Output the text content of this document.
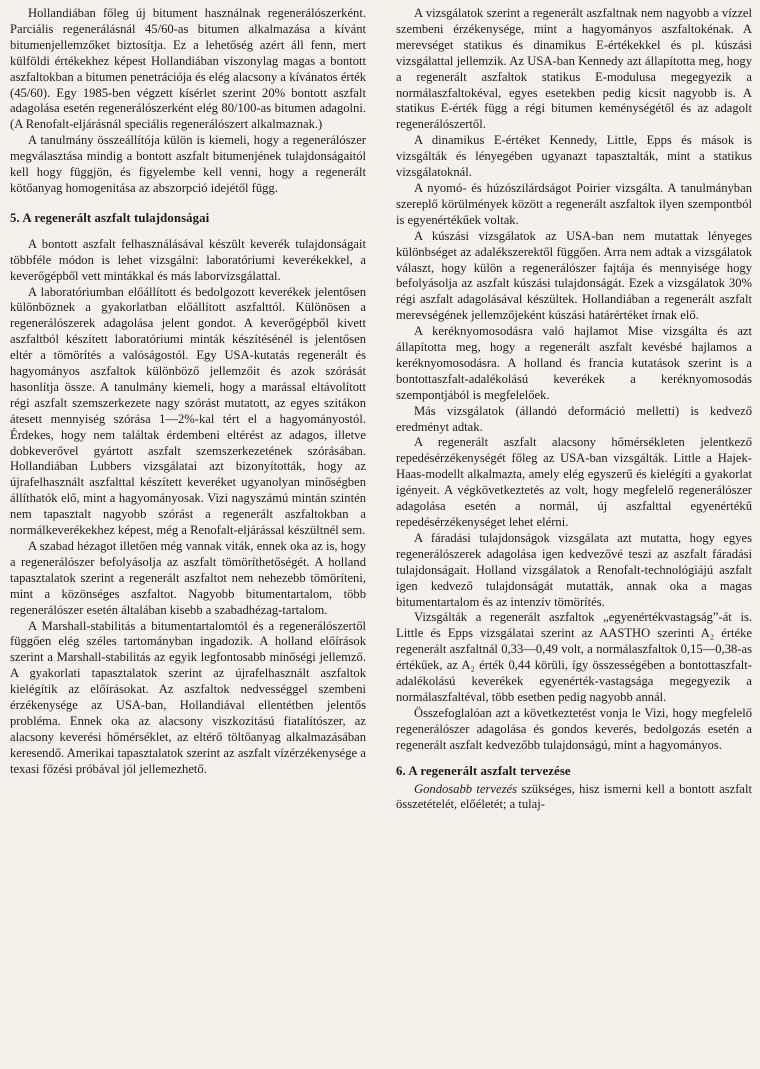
Hollandiában főleg új bitument használnak regenerálószerként. Parciális regenerálásnál 45/60-as bitumen alkalmazása a kívánt bitumenjellemzőket biztosítja. Ez a lehetőség azért áll fenn, mert külföldi értékekhez képest Hollandiában viszonylag magas a bontott aszfaltokban a bitumen penetrációja és elég alacsony a kívánatos érték (45/60). Egy 1985-ben végzett kísérlet szerint 20% bontott aszfalt adagolása esetén regenerálószerként elég 80/100-as bitumen adagolni. (A Renofalt-eljárásnál speciális regenerálószert alkalmaznak.)

A tanulmány összeállítója külön is kiemeli, hogy a regenerálószer megválasztása mindig a bontott aszfalt bitumenjének tulajdonságaitól kell hogy függjön, és figyelembe kell venni, hogy a regenerált kötőanyag homogenitása az abszorpció idejétől függ.

5. A regenerált aszfalt tulajdonságai

A bontott aszfalt felhasználásával készült keverék tulajdonságait többféle módon is lehet vizsgálni: laboratóriumi keverékekkel, a keverőgépből vett mintákkal és más laborvizsgálattal.

A laboratóriumban előállított és bedolgozott keverékek jelentősen különböznek a gyakorlatban előállított aszfalttól. Különösen a regenerálószerek adagolása jelent gondot. A keverőgépből kivett aszfaltból készített laboratóriumi minták készítésénél is jelentősen eltér a tömörítés a valóságostól. Egy USA-kutatás regenerált és hagyományos aszfaltok különböző jellemzőit és azok szórását hasonlítja össze. A tanulmány kiemeli, hogy a marással eltávolított régi aszfalt szemszerkezete nagy szórást mutatott, az egyes szitákon átesett mennyiség szórása 1—2%-kal tért el a hagyományostól. Érdekes, hogy nem találtak érdembeni eltérést az adagos, illetve dobkeverővel gyártott aszfalt szemszerkezetének szórásában. Hollandiában Lubbers vizsgálatai azt bizonyították, hogy az újrafelhasznált aszfalttal készített keveréket ugyanolyan minőségben állíthatók elő, mint a hagyományosak. Vizi nagyszámú mintán szintén nem tapasztalt nagyobb szórást a regenerált aszfaltokban a normálkeverékekhez képest, még a Renofalt-eljárással készültnél sem.

A szabad hézagot illetően még vannak viták, ennek oka az is, hogy a regenerálószer befolyásolja az aszfalt tömöríthetőségét. A holland tapasztalatok szerint a regenerált aszfaltot nem nehezebb tömöríteni, mint a közönséges aszfaltot. Nagyobb bitumentartalom, több regenerálószer esetén általában kisebb a szabadhézag-tartalom.

A Marshall-stabilitás a bitumentartalomtól és a regenerálószertől függően elég széles tartományban ingadozik. A holland előírások szerint a Marshall-stabilitás az egyik legfontosabb minőségi jellemző. A gyakorlati tapasztalatok szerint az újrafelhasznált aszfaltok kielégítik az előírásokat. Az aszfaltok nedvességgel szembeni érzékenysége az USA-ban, Hollandiával ellentétben jelentős probléma. Ennek oka az alacsony viszkozitású fiatalítószer, az alacsony keverési hőmérséklet, az eltérő töltőanyag alkalmazásában keresendő. Amerikai tapasztalatok szerint az aszfalt vízérzékenysége a texasi főzési próbával jól jellemezhető.

A vizsgálatok szerint a regenerált aszfaltnak nem nagyobb a vízzel szembeni érzékenysége, mint a hagyományos aszfaltokénak. A merevséget statikus és dinamikus E-értékekkel és pl. kúszási vizsgálattal jellemzik. Az USA-ban Kennedy azt állapította meg, hogy a regenerált aszfaltok statikus E-modulusa megegyezik a normálaszfaltokéval, egyes esetekben pedig kicsit nagyobb is. A statikus E-érték függ a régi bitumen keménységétől és az adagolt regenerálószertől.

A dinamikus E-értéket Kennedy, Little, Epps és mások is vizsgálták és lényegében ugyanazt tapasztalták, mint a statikus vizsgálatoknál.

A nyomó- és húzószilárdságot Poirier vizsgálta. A tanulmányban szereplő körülmények között a regenerált aszfaltok ilyen szempontból is egyenértékűek voltak.

A kúszási vizsgálatok az USA-ban nem mutattak lényeges különbséget az adalékszerektől függően. Arra nem adtak a vizsgálatok választ, hogy külön a regenerálószer fajtája és mennyisége hogy befolyásolja az aszfalt kúszási tulajdonságát. Ezek a vizsgálatok 30% régi aszfalt adagolásával készültek. Hollandiában a regenerált aszfalt merevségének jellemzőjeként kúszási határértéket írnak elő.

A keréknyomosodásra való hajlamot Mise vizsgálta és azt állapította meg, hogy a regenerált aszfalt kevésbé hajlamos a keréknyomosodásra. A holland és francia kutatások szerint is a bontottaszfalt-adalékolású keverékek a keréknyomosodás szempontjából is megfelelőek.

Más vizsgálatok (állandó deformáció melletti) is kedvező eredményt adtak.

A regenerált aszfalt alacsony hőmérsékleten jelentkező repedésérzékenységét főleg az USA-ban vizsgálták. Little a Hajek-Haas-modellt alkalmazta, amely elég egyszerű és kielégíti a gyakorlat igényeit. A végkövetkeztetés az volt, hogy megfelelő regenerálószer adagolása esetén a normál, új aszfalttal egyenértékű repedésérzékenységet lehet elérni.

A fáradási tulajdonságok vizsgálata azt mutatta, hogy egyes regenerálószerek adagolása igen kedvezővé teszi az aszfalt fáradási tulajdonságait. Holland vizsgálatok a Renofalt-technológiájú aszfalt igen kedvező tulajdonságát mutatták, annak oka a magas bitumentartalom és az intenzív tömörítés.

Vizsgálták a regenerált aszfaltok „egyenértékvastagság”-át is. Little és Epps vizsgálatai szerint az AASTHO szerinti A₂ értéke regenerált aszfaltnál 0,33—0,49 volt, a normálaszfaltok 0,15—0,38-as értékűek, az A₂ érték 0,44 körüli, így összességében a bontottaszfalt-adalékolású keverékek egyenérték-vastagsága megegyezik a normálaszfaltéval, több esetben pedig nagyobb annál.

Összefoglalóan azt a következtetést vonja le Vizi, hogy megfelelő regenerálószer adagolása és gondos keverés, bedolgozás esetén a regenerált aszfalt kedvezőbb tulajdonságú, mint a hagyományos.

6. A regenerált aszfalt tervezése

Gondosabb tervezés szükséges, hisz ismerni kell a bontott aszfalt összetételét, előéletét; a tulaj-
